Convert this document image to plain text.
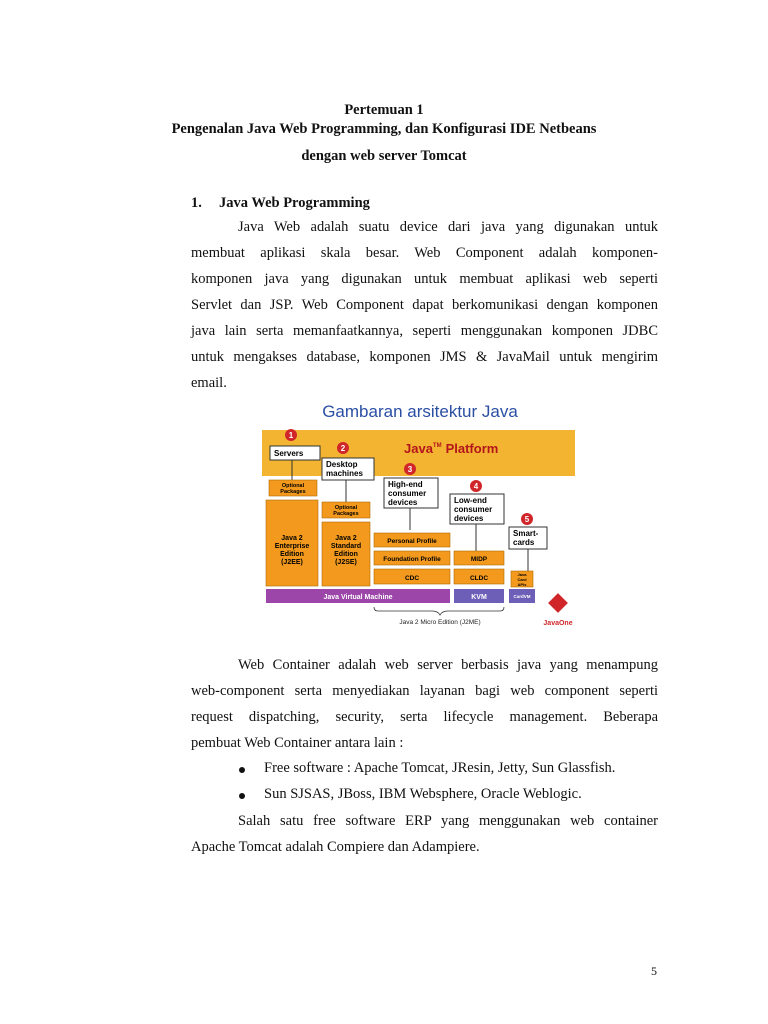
Pertemuan 1
Pengenalan Java Web Programming, dan Konfigurasi IDE Netbeans
dengan web server Tomcat
1. Java Web Programming
Java Web adalah suatu device dari java yang digunakan untuk
membuat aplikasi skala besar. Web Component adalah komponen-
komponen java yang digunakan untuk membuat aplikasi web seperti
Servlet dan JSP. Web Component dapat berkomunikasi dengan komponen
java lain serta memanfaatkannya, seperti menggunakan komponen JDBC
untuk mengakses database, komponen JMS & JavaMail untuk mengirim
email.
Gambaran arsitektur Java
Java™ Platform
1
2
3
4
5
Servers
Desktop
machines
High-end
consumer
devices	Low-end
consumer
devices
Smart-
cards
Optional
Packages
Optional
Packages
Java 2
Enterprise
Edition
(J2EE)
Java 2
Standard
Edition
(J2SE)
Personal Profile
Foundation Profile
CDC
MIDP
CLDC
Java
Card
APIs
Java Virtual Machine	KVM	CardVM
Java 2 Micro Edition (J2ME)	JavaOne
Web Container adalah web server berbasis java yang menampung
web-component serta menyediakan layanan bagi web component seperti
request dispatching, security, serta lifecycle management. Beberapa
pembuat Web Container antara lain :
Free software : Apache Tomcat, JResin, Jetty, Sun Glassfish.
Sun SJSAS, JBoss, IBM Websphere, Oracle Weblogic.
Salah satu free software ERP yang menggunakan web container
Apache Tomcat adalah Compiere dan Adampiere.
5
